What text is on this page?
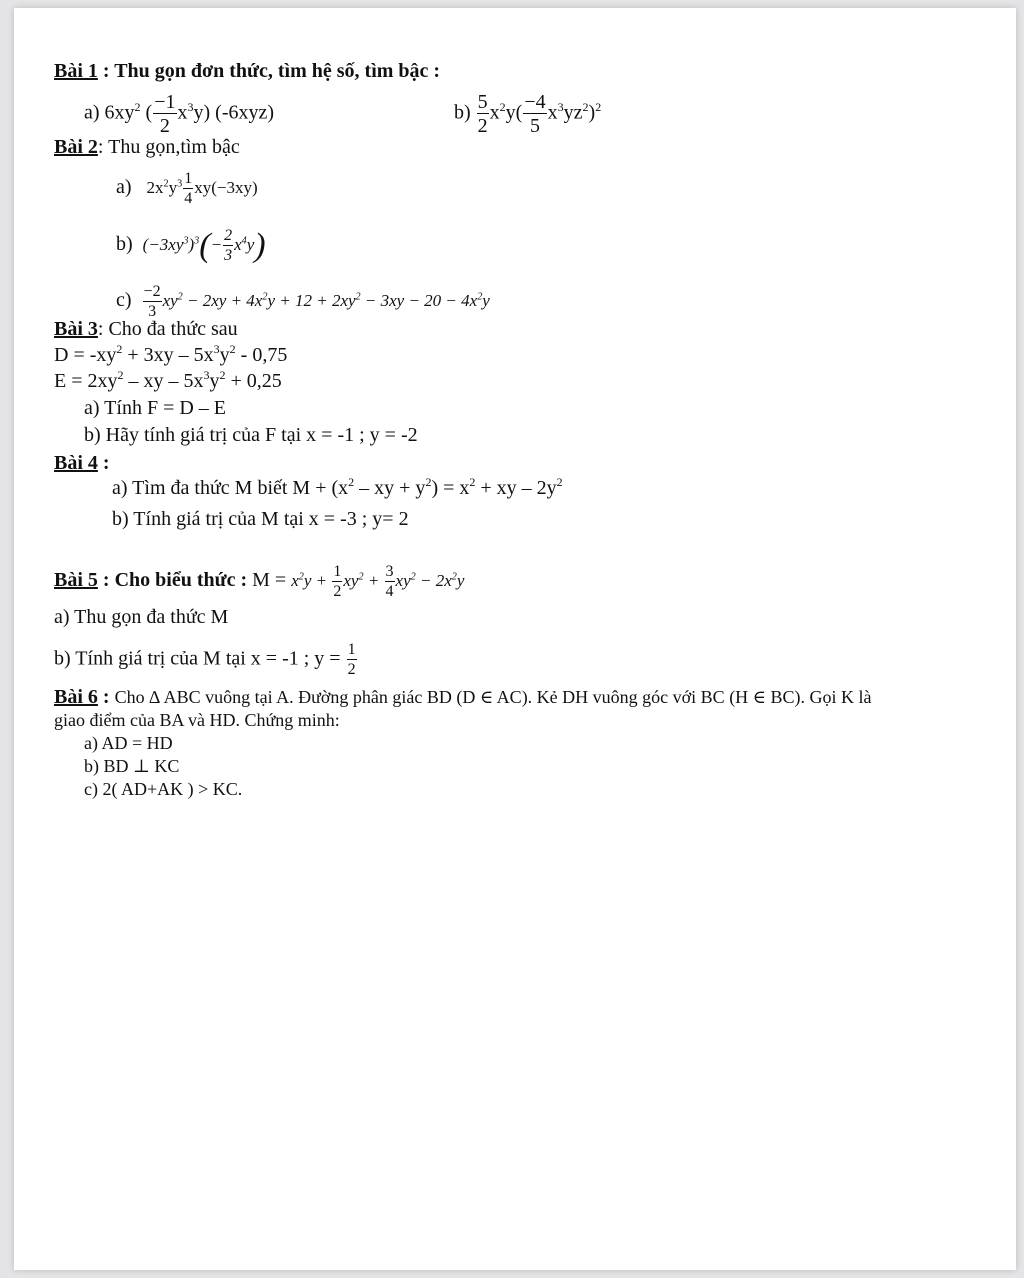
Bài 1 : Thu gọn đơn thức, tìm hệ số, tìm bậc :
a) $6xy^2$ ( $\frac{-1}{2} x^3y$) (-6xyz)	$b) \frac{5}{2} x^2y( \frac{-4}{5} x^3yz^2)^2$
Bài 2: Thu gọn,tìm bậc
a) $2x^2y^3 \frac{1}{4} xy(-3xy)$
b) $(-3xy^3)^3(- \frac{2}{3} x^4y)$
$c) \frac{-2}{3} xy^2 - 2xy + 4x^2y + 12 + 2xy^2 - 3xy - 20 - 4x^2y$
Bài 3: Cho đa thức sau
$D = -xy^2 + 3xy - 5x^3y^2 - 0,75$
$E = 2xy^2$ – xy – $5x^3y^2 + 0,25$
a) Tính F = D – E
b) Hãy tính giá trị của F tại x = -1 ; y = -2
Bài 4 :
a) Tìm đa thức M biết $M + (x^2$ – xy + $y^2) = x^2$ + xy – $2y^2$
b) Tính giá trị của M tại x = -3 ; y= 2
Bài 5 : Cho biểu thức : $M = x^2y + \frac{1}{2} xy^2 + \frac{3}{4} xy^2 - 2x^2y$
a) Thu gọn đa thức M
b) Tính giá trị của M tại x = -1 ; $y = \frac{1}{2}$
Bài 6 : Cho ∆ ABC vuông tại A. Đường phân giác BD (D ∈ AC). Kẻ DH vuông góc với BC (H ∈ BC). Gọi K là
giao điểm của BA và HD. Chứng minh:
a) AD = HD
b) BD ⊥ KC
c) 2( AD+AK ) > KC.
